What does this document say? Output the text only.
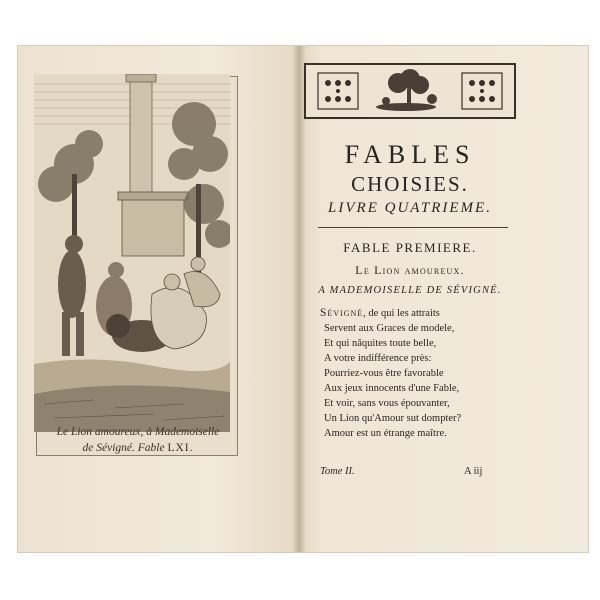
Le Lion amoureux, à Mademoiselle
de Sévigné. Fable LXI.
FABLES
CHOISIES.
LIVRE QUATRIEME.
FABLE PREMIERE.
Le Lion amoureux.
A MADEMOISELLE DE SÉVIGNÉ.
Sévigné, de qui les attraits
Servent aux Graces de modele,
Et qui nâquites toute belle,
A votre indifférence près:
Pourriez-vous être favorable
Aux jeux innocents d'une Fable,
Et voir, sans vous épouvanter,
Un Lion qu'Amour sut dompter?
Amour est un étrange maître.
Tome II.	A iij
